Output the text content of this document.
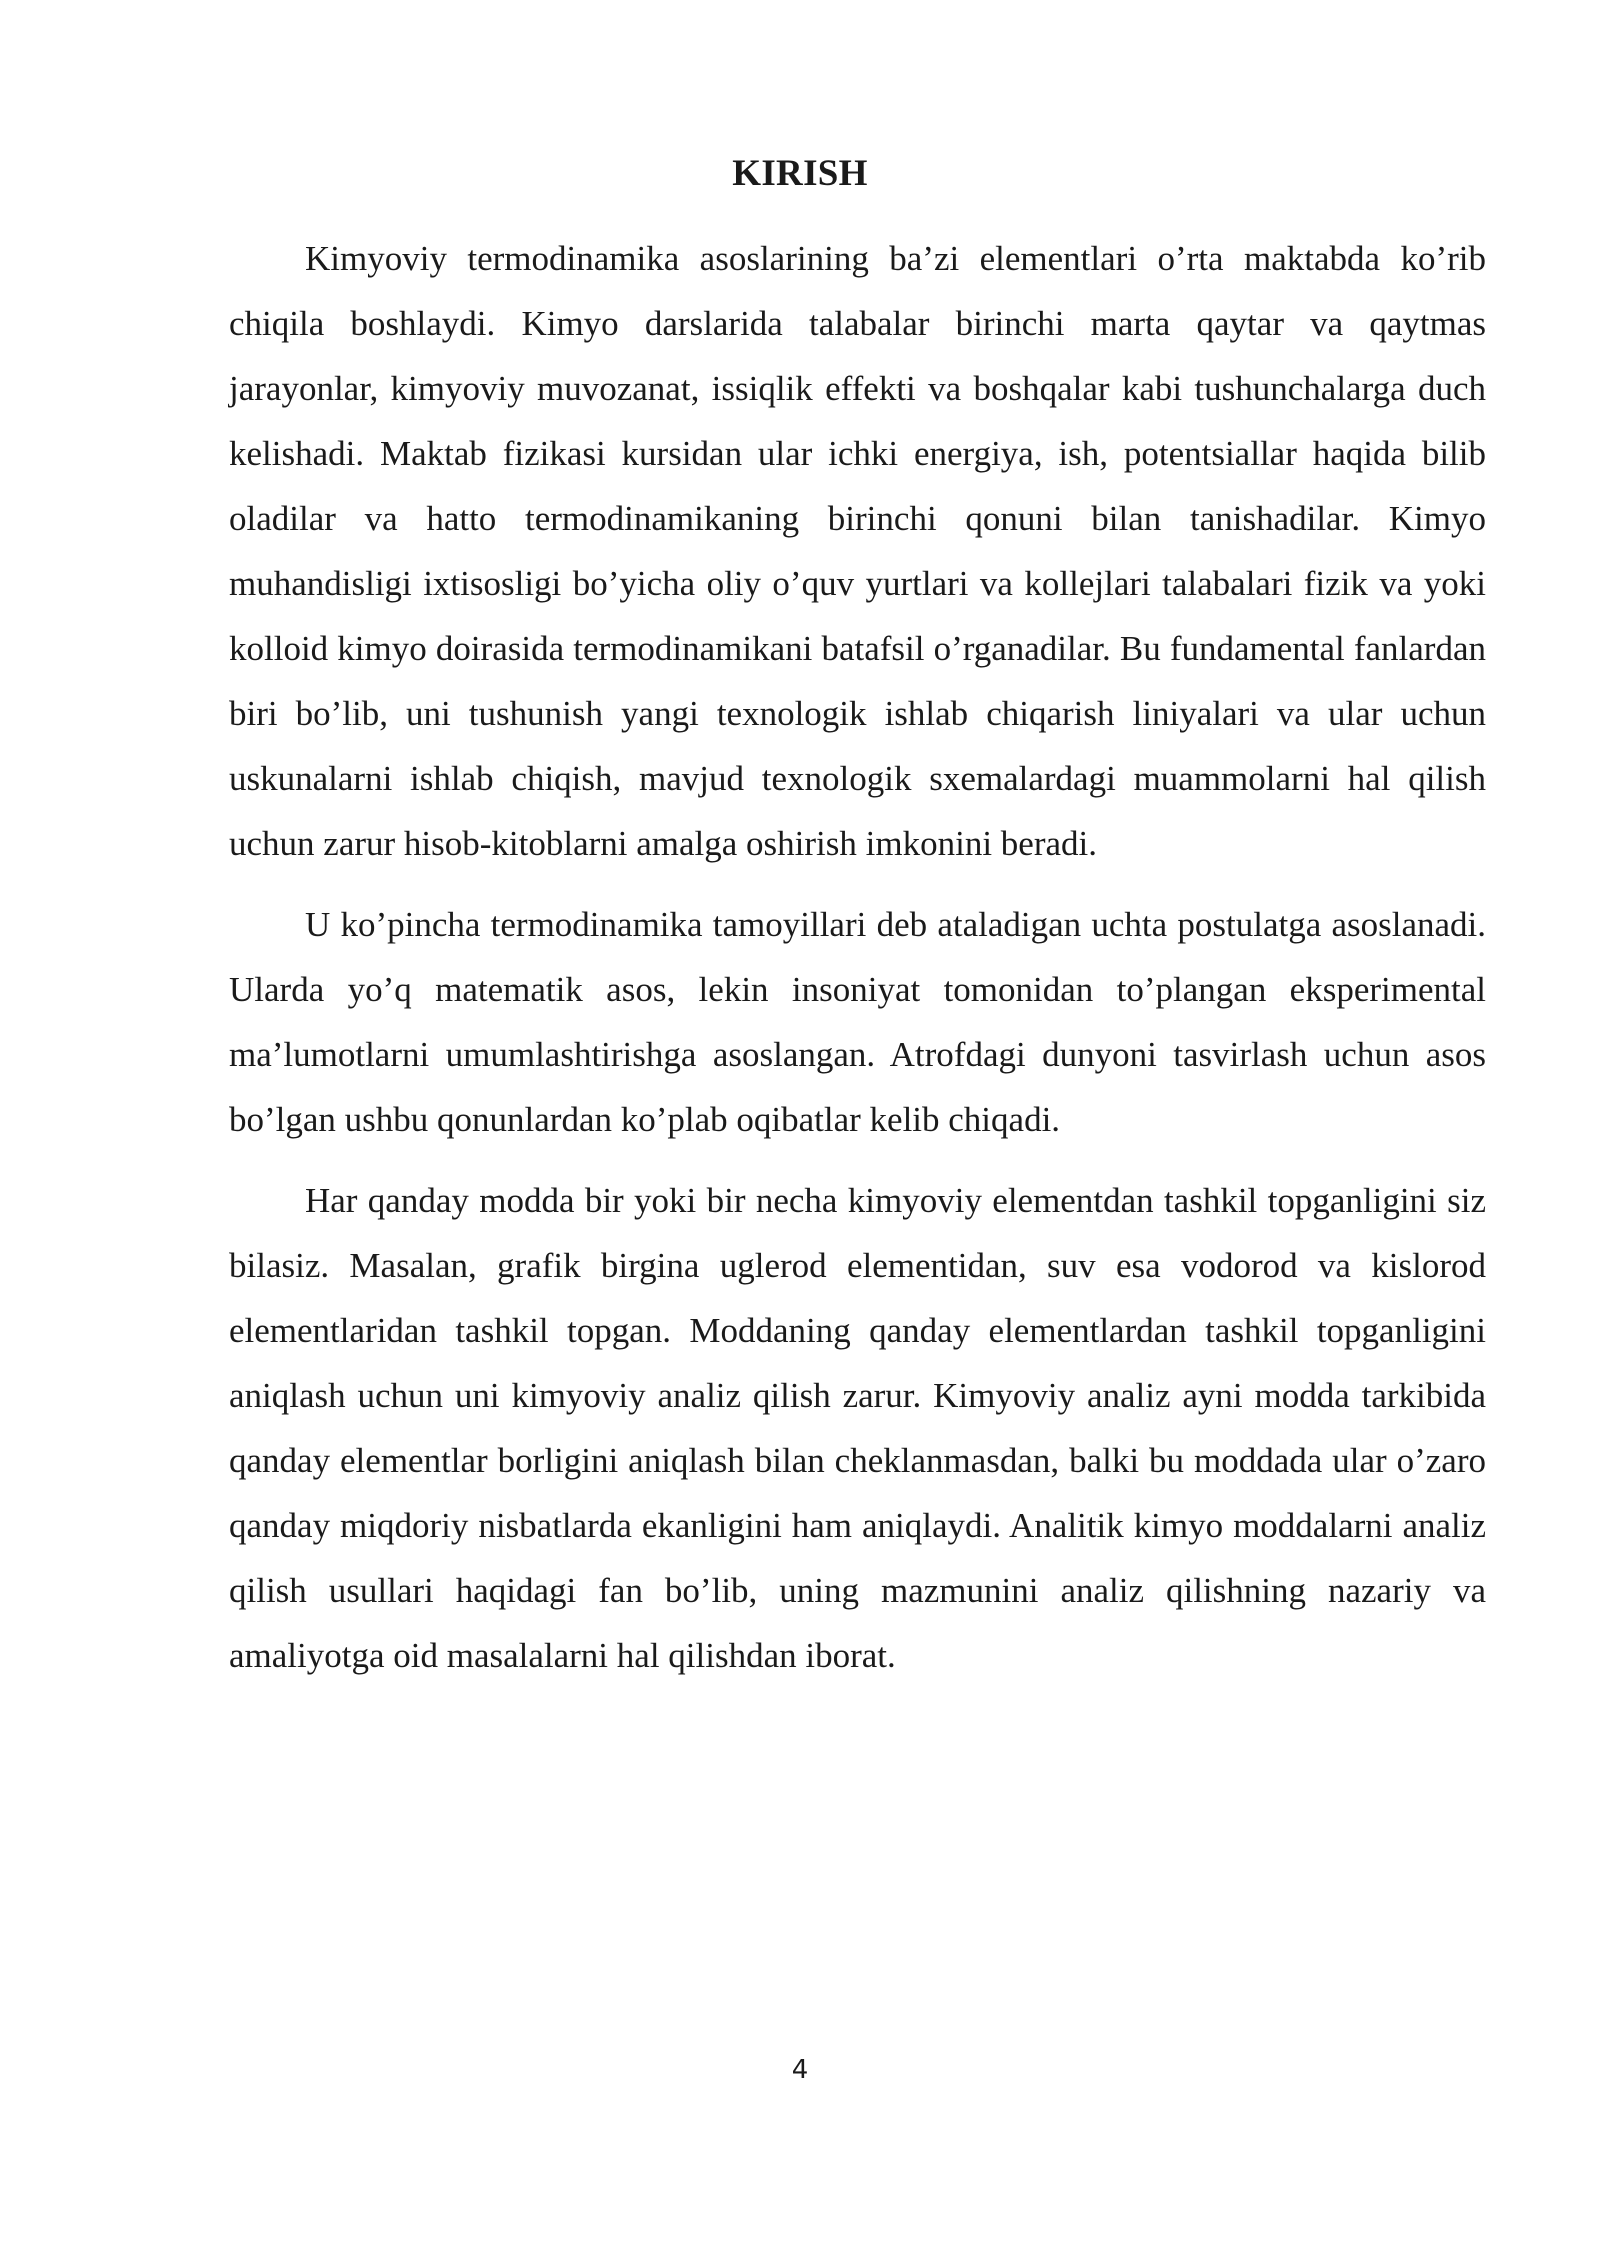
KIRISH

Kimyoviy termodinamika asoslarining ba’zi elementlari o’rta maktabda ko’rib chiqila boshlaydi. Kimyo darslarida talabalar birinchi marta qaytar va qaytmas jarayonlar, kimyoviy muvozanat, issiqlik effekti va boshqalar kabi tushunchalarga duch kelishadi. Maktab fizikasi kursidan ular ichki energiya, ish, potentsiallar haqida bilib oladilar va hatto termodinamikaning birinchi qonuni bilan tanishadilar. Kimyo muhandisligi ixtisosligi bo’yicha oliy o’quv yurtlari va kollejlari talabalari fizik va yoki kolloid kimyo doirasida termodinamikani batafsil o’rganadilar. Bu fundamental fanlardan biri bo’lib, uni tushunish yangi texnologik ishlab chiqarish liniyalari va ular uchun uskunalarni ishlab chiqish, mavjud texnologik sxemalardagi muammolarni hal qilish uchun zarur hisob-kitoblarni amalga oshirish imkonini beradi.

U ko’pincha termodinamika tamoyillari deb ataladigan uchta postulatga asoslanadi. Ularda yo’q matematik asos, lekin insoniyat tomonidan to’plangan eksperimental ma’lumotlarni umumlashtirishga asoslangan. Atrofdagi dunyoni tasvirlash uchun asos bo’lgan ushbu qonunlardan ko’plab oqibatlar kelib chiqadi.

Har qanday modda bir yoki bir necha kimyoviy elementdan tashkil topganligini siz bilasiz. Masalan, grafik birgina uglerod elementidan, suv esa vodorod va kislorod elementlaridan tashkil topgan. Moddaning qanday elementlardan tashkil topganligini aniqlash uchun uni kimyoviy analiz qilish zarur. Kimyoviy analiz ayni modda tarkibida qanday elementlar borligini aniqlash bilan cheklanmasdan, balki bu moddada ular o’zaro qanday miqdoriy nisbatlarda ekanligini ham aniqlaydi. Analitik kimyo moddalarni analiz qilish usullari haqidagi fan bo’lib, uning mazmunini analiz qilishning nazariy va amaliyotga oid masalalarni hal qilishdan iborat.

4
